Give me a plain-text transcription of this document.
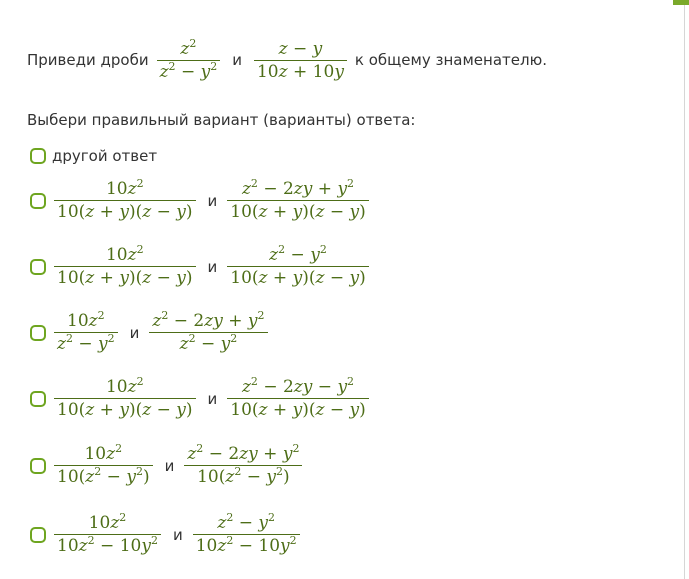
Приведи дроби $\frac{z^2}{z^2 - y^2}$ и $\frac{z - y}{10z + 10y}$ к общему знаменателю.
Выбери правильный вариант (варианты) ответа:
другой ответ
$\frac{10z^2}{10(z + y)(z - y)}$ и $\frac{z^2 - 2zy + y^2}{10(z + y)(z - y)}$
$\frac{10z^2}{10(z + y)(z - y)}$ и $\frac{z^2 - y^2}{10(z + y)(z - y)}$
$\frac{10z^2}{z^2 - y^2}$ и $\frac{z^2 - 2zy + y^2}{z^2 - y^2}$
$\frac{10z^2}{10(z + y)(z - y)}$ и $\frac{z^2 - 2zy - y^2}{10(z + y)(z - y)}$
$\frac{10z^2}{10(z^2 - y^2)}$ и $\frac{z^2 - 2zy + y^2}{10(z^2 - y^2)}$
$\frac{10z^2}{10z^2 - 10y^2}$ и $\frac{z^2 - y^2}{10z^2 - 10y^2}$
